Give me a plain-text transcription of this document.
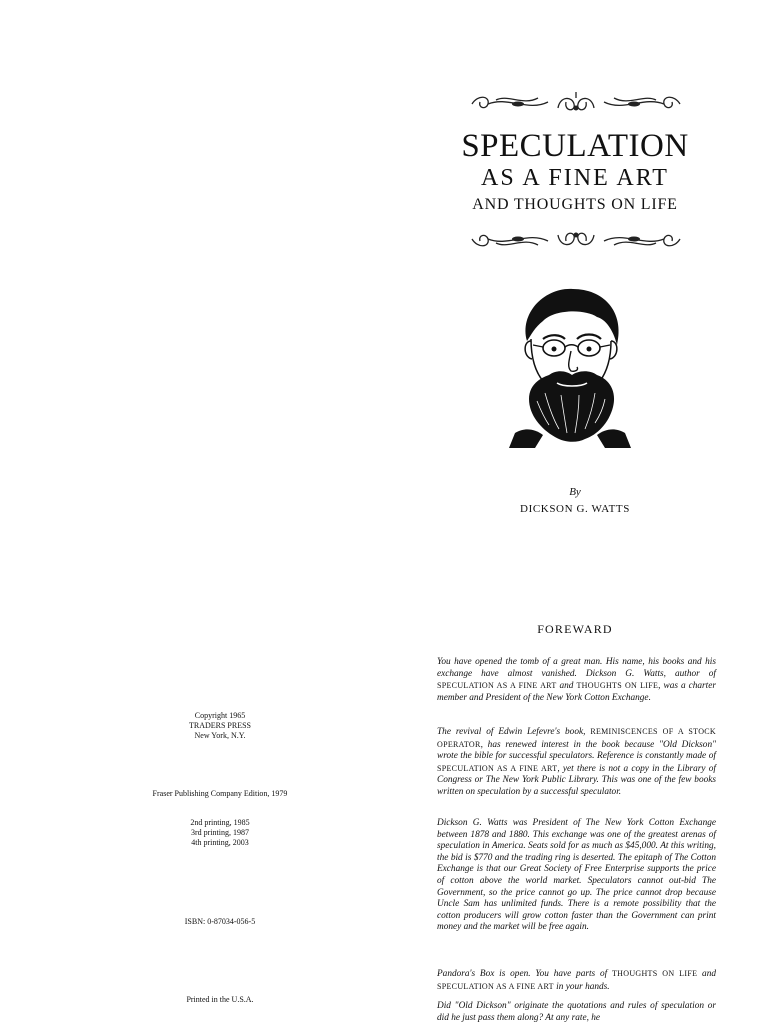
SPECULATION
AS A FINE ART
AND THOUGHTS ON LIFE
By
DICKSON G. WATTS
FOREWARD
You have opened the tomb of a great man. His name, his books and his exchange have almost vanished. Dickson G. Watts, author of SPECULATION AS A FINE ART and THOUGHTS ON LIFE, was a charter member and President of the New York Cotton Exchange.
The revival of Edwin Lefevre's book, REMINISCENCES OF A STOCK OPERATOR, has renewed interest in the book because "Old Dickson" wrote the bible for successful speculators. Reference is constantly made of SPECULATION AS A FINE ART, yet there is not a copy in the Library of Congress or The New York Public Library. This was one of the few books written on speculation by a successful speculator.
Dickson G. Watts was President of The New York Cotton Exchange between 1878 and 1880. This exchange was one of the greatest arenas of speculation in America. Seats sold for as much as $45,000. At this writing, the bid is $770 and the trading ring is deserted. The epitaph of The Cotton Exchange is that our Great Society of Free Enterprise supports the price of cotton above the world market. Speculators cannot out-bid The Government, so the price cannot go up. The price cannot drop because Uncle Sam has unlimited funds. There is a remote possibility that the cotton producers will grow cotton faster than the Government can print money and the market will be free again.
Pandora's Box is open. You have parts of THOUGHTS ON LIFE and SPECULATION AS A FINE ART in your hands.
Did "Old Dickson" originate the quotations and rules of speculation or did he just pass them along? At any rate, he
Copyright 1965
TRADERS PRESS
New York, N.Y.
Fraser Publishing Company Edition, 1979
2nd printing, 1985
3rd printing, 1987
4th printing, 2003
ISBN: 0-87034-056-5
Printed in the U.S.A.
